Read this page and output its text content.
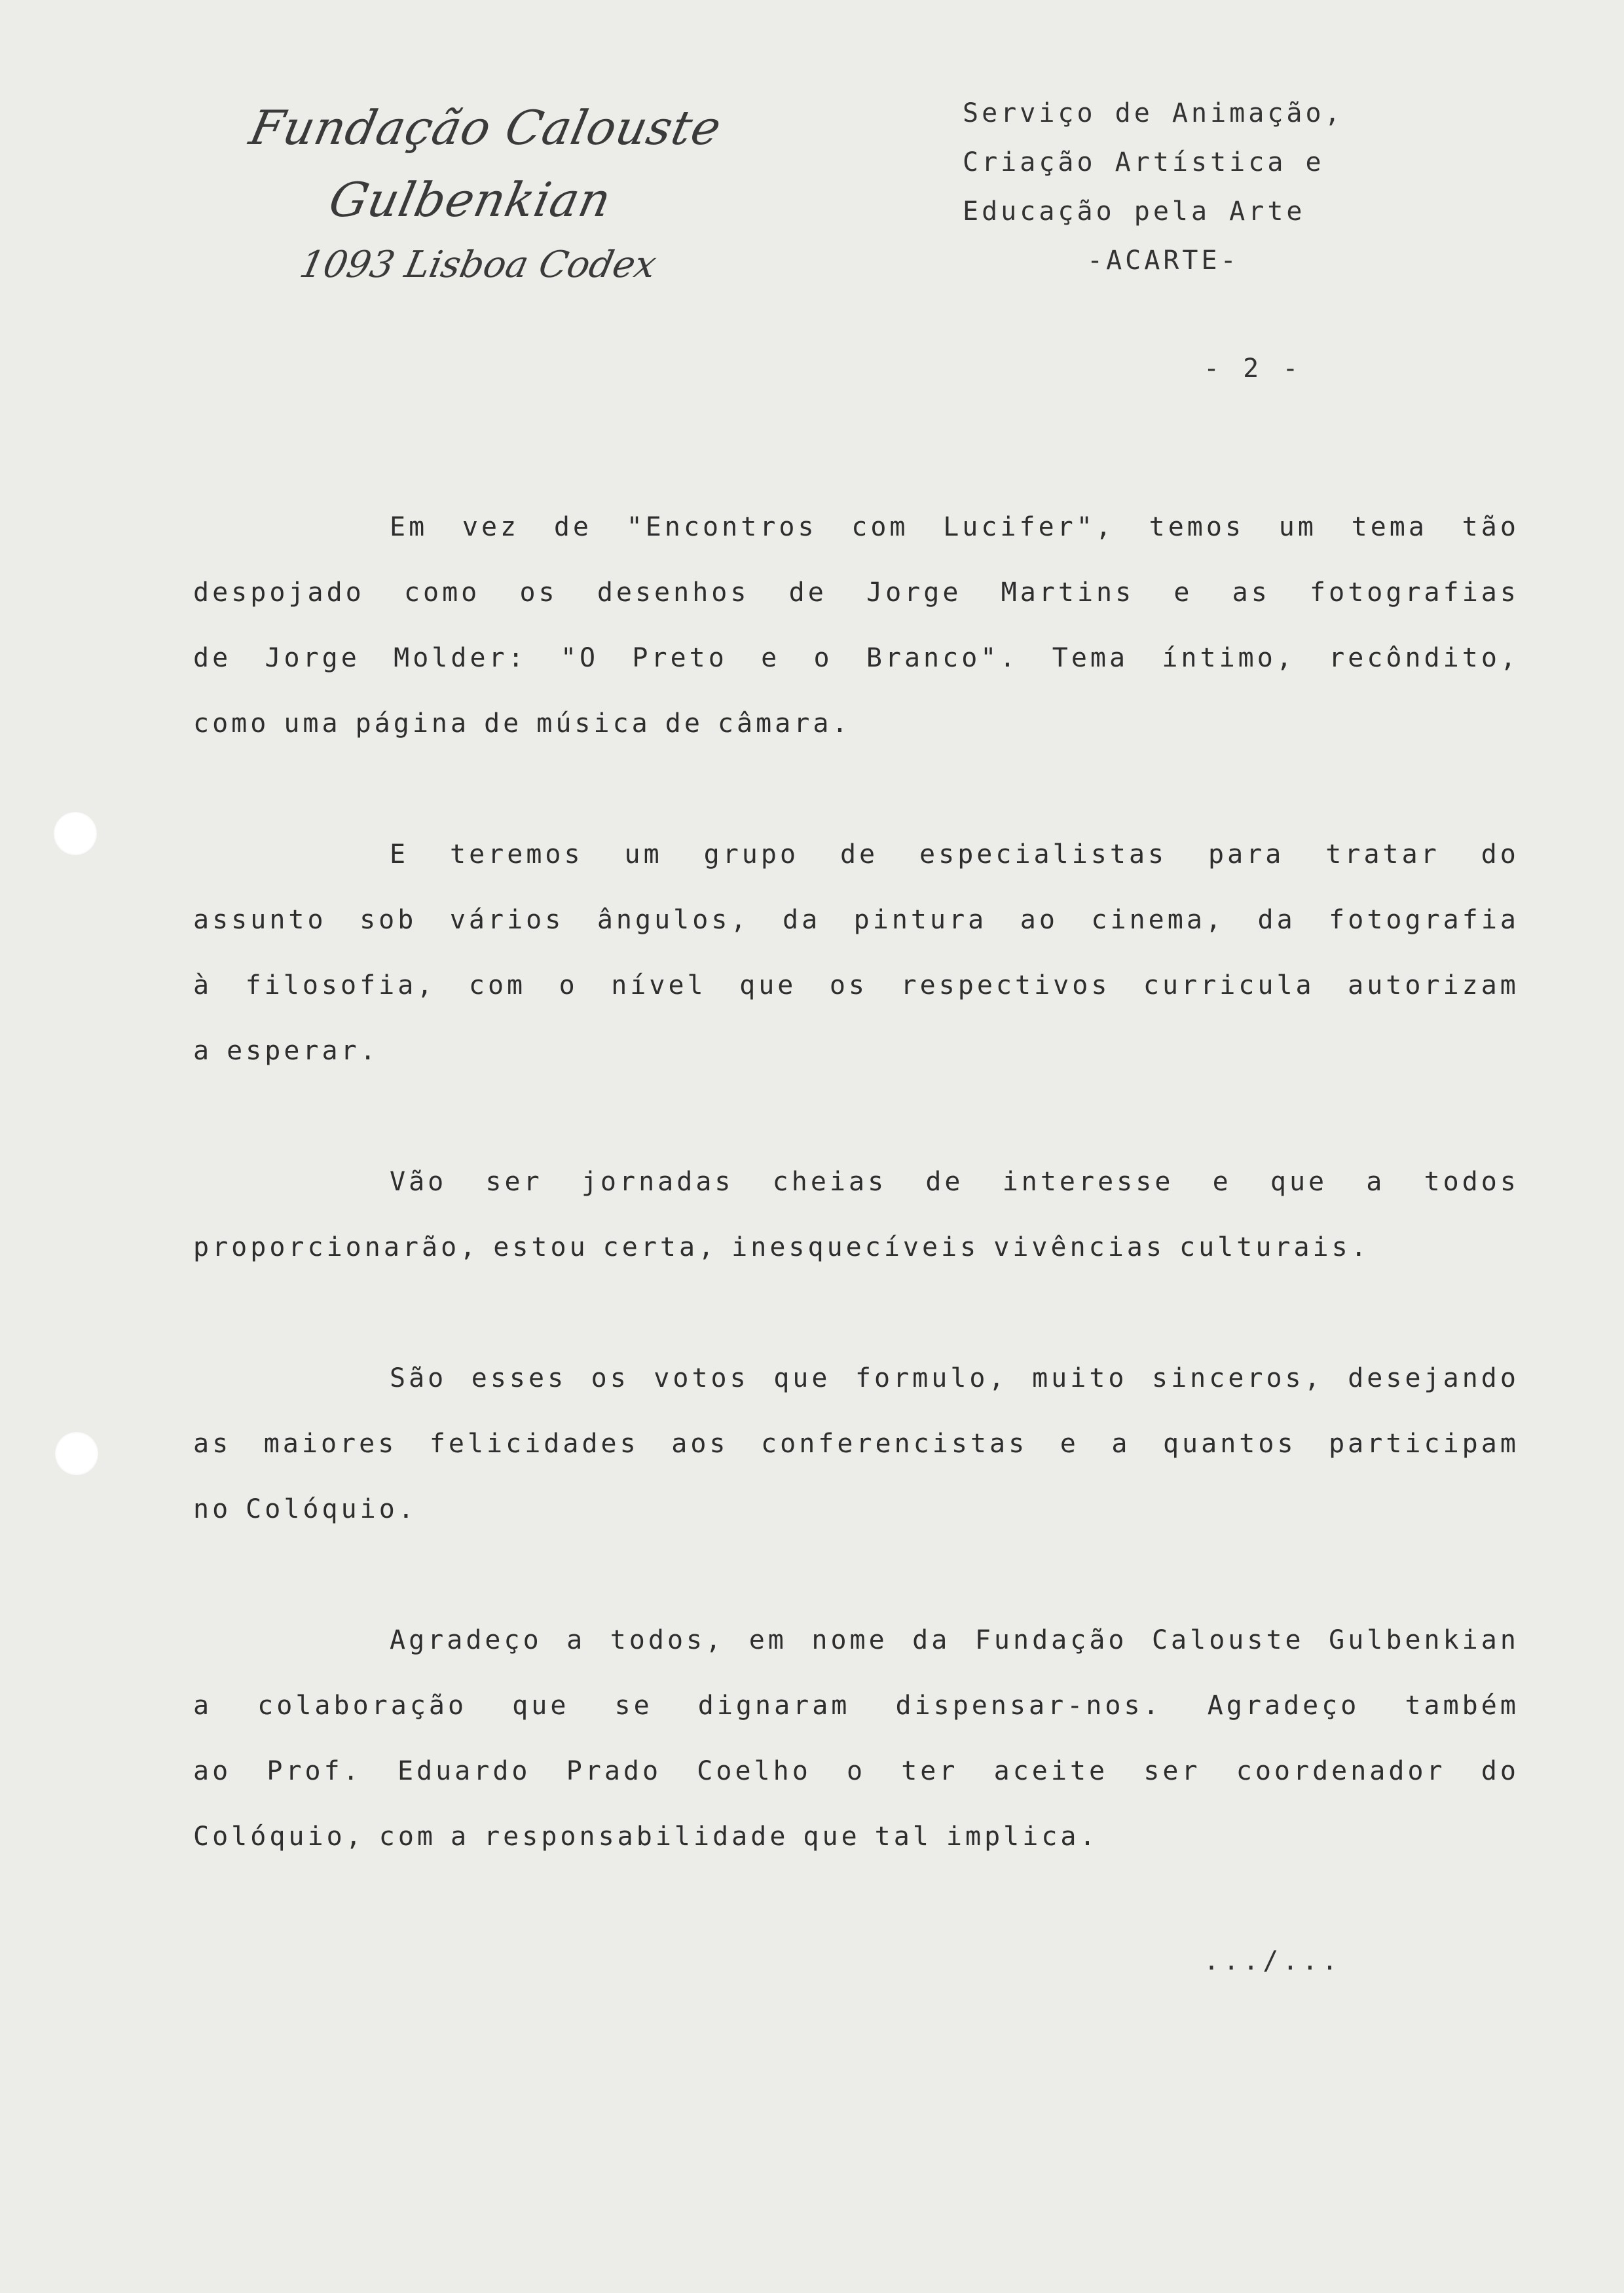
Fundação Calouste Gulbenkian
1093 Lisboa Codex
Serviço de Animação,
Criação Artística e
Educação pela Arte
-ACARTE-
- 2 -
Em vez de "Encontros com Lucifer", temos um tema tão
despojado como os desenhos de Jorge Martins e as fotografias
de Jorge Molder: "O Preto e o Branco". Tema íntimo, recôndito,
como uma página de música de câmara.
E teremos um grupo de especialistas para tratar do
assunto sob vários ângulos, da pintura ao cinema, da fotografia
à filosofia, com o nível que os respectivos curricula autorizam
a esperar.
Vão ser jornadas cheias de interesse e que a todos
proporcionarão, estou certa, inesquecíveis vivências culturais.
São esses os votos que formulo, muito sinceros, desejando
as maiores felicidades aos conferencistas e a quantos participam
no Colóquio.
Agradeço a todos, em nome da Fundação Calouste Gulbenkian
a colaboração que se dignaram dispensar-nos. Agradeço também
ao Prof. Eduardo Prado Coelho o ter aceite ser coordenador do
Colóquio, com a responsabilidade que tal implica.
.../...
